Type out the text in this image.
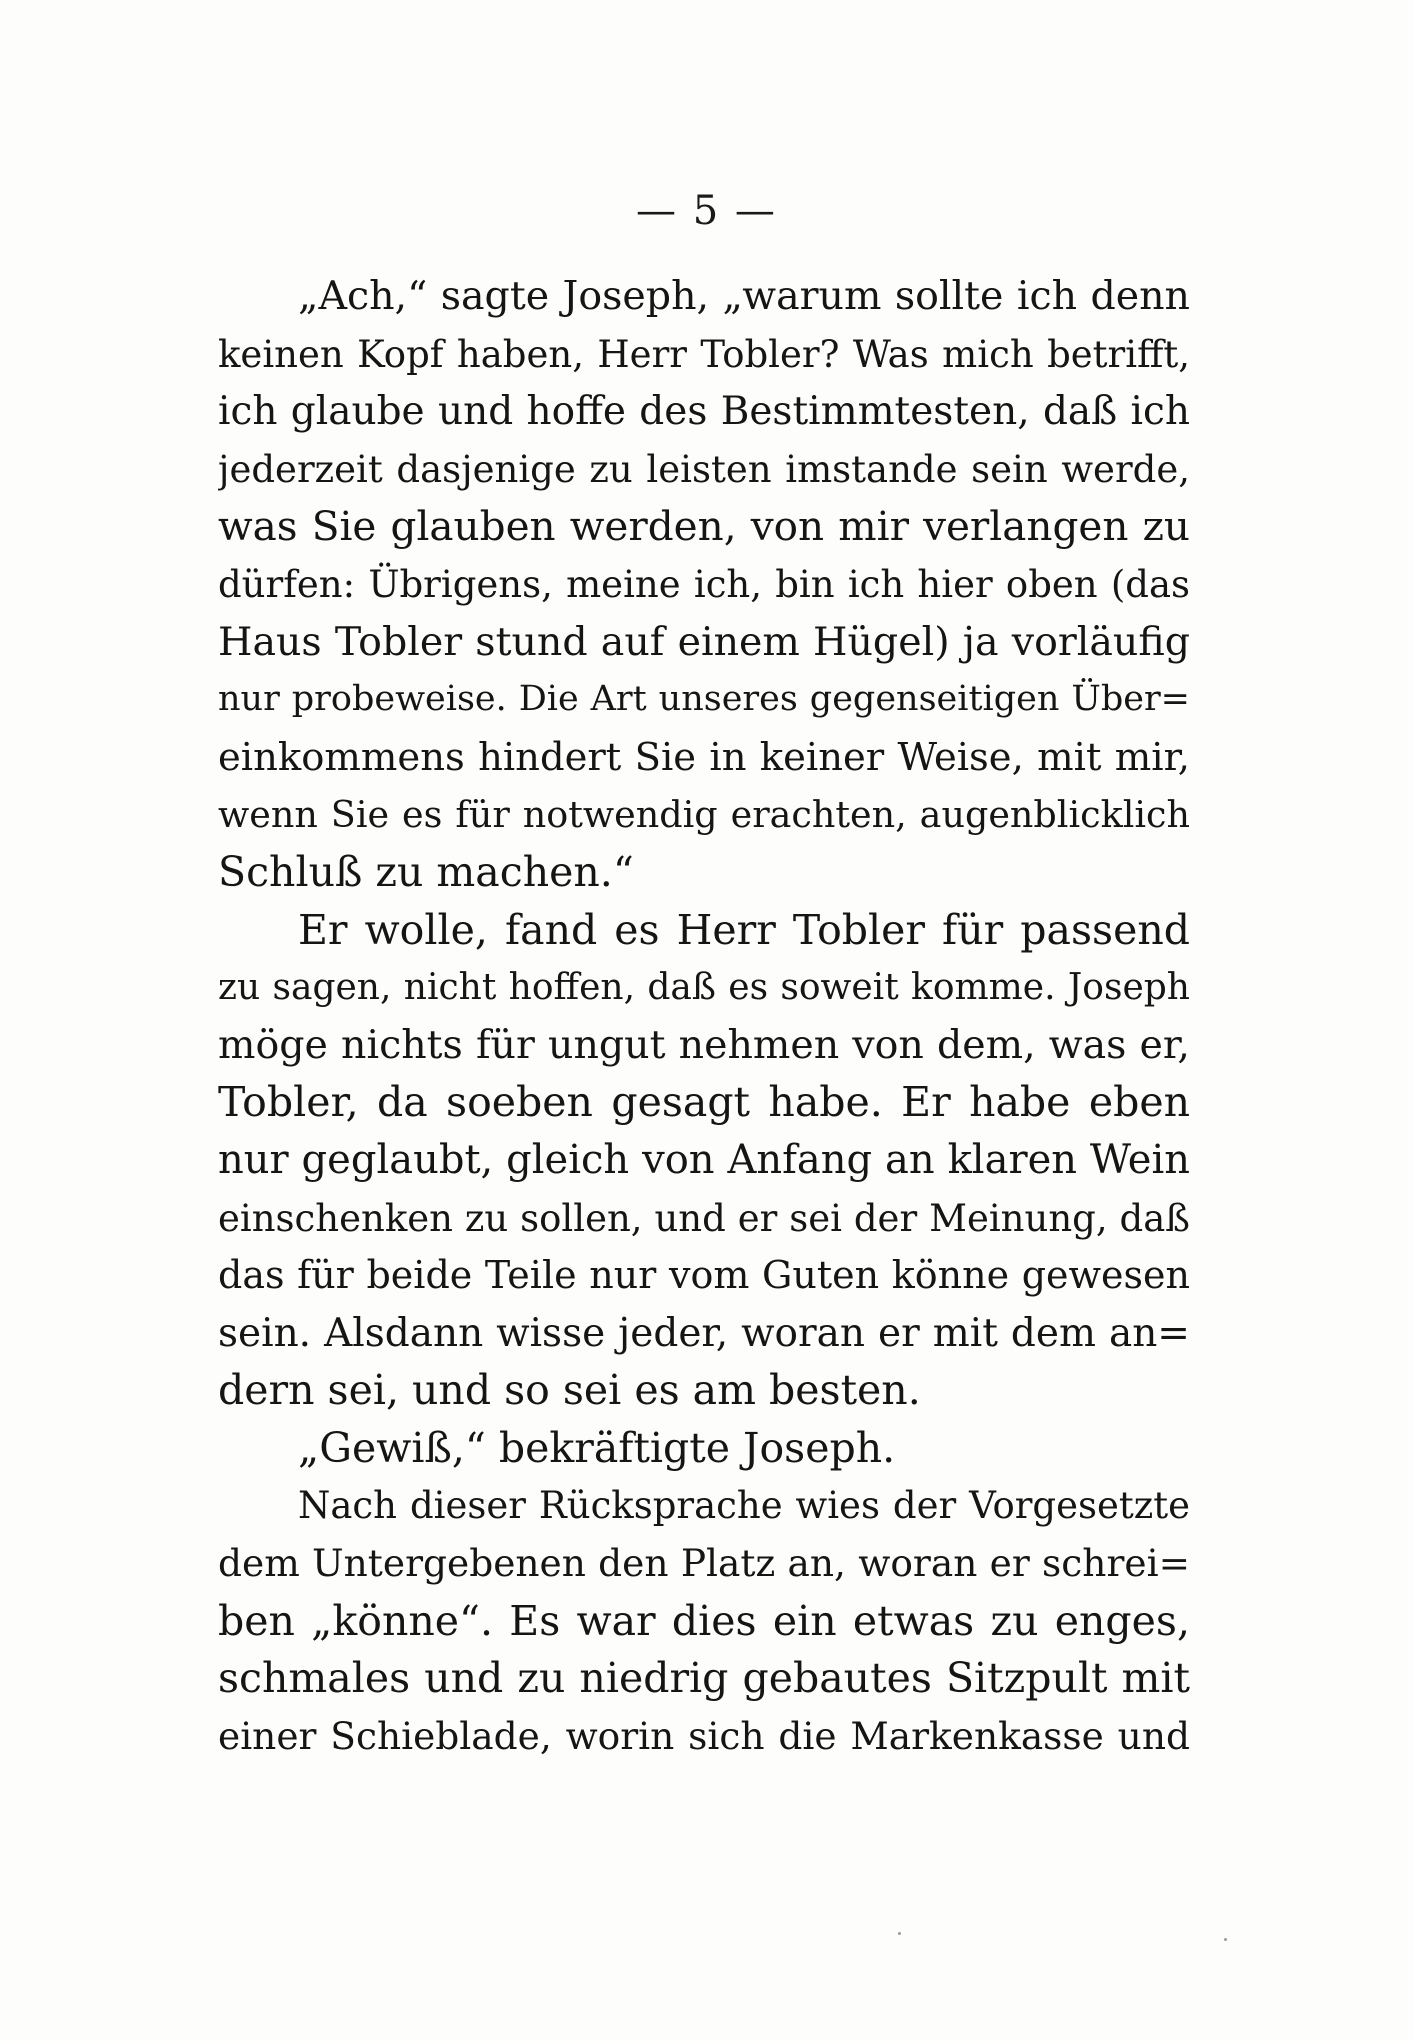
— 5 —
„Ach,“ sagte Joseph, „warum sollte ich denn
keinen Kopf haben, Herr Tobler? Was mich betrifft,
ich glaube und hoffe des Bestimmtesten, daß ich
jederzeit dasjenige zu leisten imstande sein werde,
was Sie glauben werden, von mir verlangen zu
dürfen: Übrigens, meine ich, bin ich hier oben (das
Haus Tobler stund auf einem Hügel) ja vorläufig
nur probeweise. Die Art unseres gegenseitigen Über=
einkommens hindert Sie in keiner Weise, mit mir,
wenn Sie es für notwendig erachten, augenblicklich
Schluß zu machen.“
Er wolle, fand es Herr Tobler für passend
zu sagen, nicht hoffen, daß es soweit komme. Joseph
möge nichts für ungut nehmen von dem, was er,
Tobler, da soeben gesagt habe. Er habe eben
nur geglaubt, gleich von Anfang an klaren Wein
einschenken zu sollen, und er sei der Meinung, daß
das für beide Teile nur vom Guten könne gewesen
sein. Alsdann wisse jeder, woran er mit dem an=
dern sei, und so sei es am besten.
„Gewiß,“ bekräftigte Joseph.
Nach dieser Rücksprache wies der Vorgesetzte
dem Untergebenen den Platz an, woran er schrei=
ben „könne“. Es war dies ein etwas zu enges,
schmales und zu niedrig gebautes Sitzpult mit
einer Schieblade, worin sich die Markenkasse und
